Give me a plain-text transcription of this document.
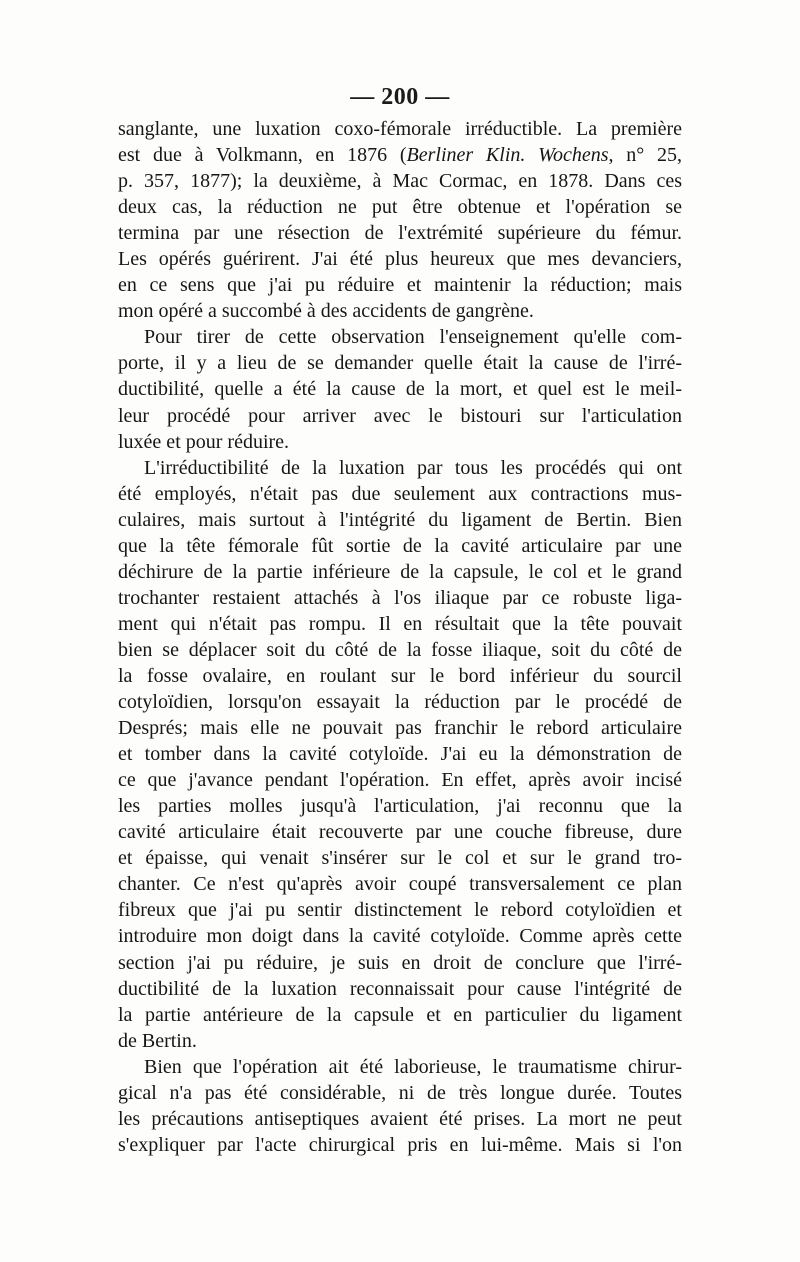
— 200 —
sanglante, une luxation coxo-fémorale irréductible. La première
est due à Volkmann, en 1876 (Berliner Klin. Wochens, n° 25,
p. 357, 1877); la deuxième, à Mac Cormac, en 1878. Dans ces
deux cas, la réduction ne put être obtenue et l'opération se
termina par une résection de l'extrémité supérieure du fémur.
Les opérés guérirent. J'ai été plus heureux que mes devanciers,
en ce sens que j'ai pu réduire et maintenir la réduction; mais
mon opéré a succombé à des accidents de gangrène.
Pour tirer de cette observation l'enseignement qu'elle com-
porte, il y a lieu de se demander quelle était la cause de l'irré-
ductibilité, quelle a été la cause de la mort, et quel est le meil-
leur procédé pour arriver avec le bistouri sur l'articulation
luxée et pour réduire.
L'irréductibilité de la luxation par tous les procédés qui ont
été employés, n'était pas due seulement aux contractions mus-
culaires, mais surtout à l'intégrité du ligament de Bertin. Bien
que la tête fémorale fût sortie de la cavité articulaire par une
déchirure de la partie inférieure de la capsule, le col et le grand
trochanter restaient attachés à l'os iliaque par ce robuste liga-
ment qui n'était pas rompu. Il en résultait que la tête pouvait
bien se déplacer soit du côté de la fosse iliaque, soit du côté de
la fosse ovalaire, en roulant sur le bord inférieur du sourcil
cotyloïdien, lorsqu'on essayait la réduction par le procédé de
Després; mais elle ne pouvait pas franchir le rebord articulaire
et tomber dans la cavité cotyloïde. J'ai eu la démonstration de
ce que j'avance pendant l'opération. En effet, après avoir incisé
les parties molles jusqu'à l'articulation, j'ai reconnu que la
cavité articulaire était recouverte par une couche fibreuse, dure
et épaisse, qui venait s'insérer sur le col et sur le grand tro-
chanter. Ce n'est qu'après avoir coupé transversalement ce plan
fibreux que j'ai pu sentir distinctement le rebord cotyloïdien et
introduire mon doigt dans la cavité cotyloïde. Comme après cette
section j'ai pu réduire, je suis en droit de conclure que l'irré-
ductibilité de la luxation reconnaissait pour cause l'intégrité de
la partie antérieure de la capsule et en particulier du ligament
de Bertin.
Bien que l'opération ait été laborieuse, le traumatisme chirur-
gical n'a pas été considérable, ni de très longue durée. Toutes
les précautions antiseptiques avaient été prises. La mort ne peut
s'expliquer par l'acte chirurgical pris en lui-même. Mais si l'on
